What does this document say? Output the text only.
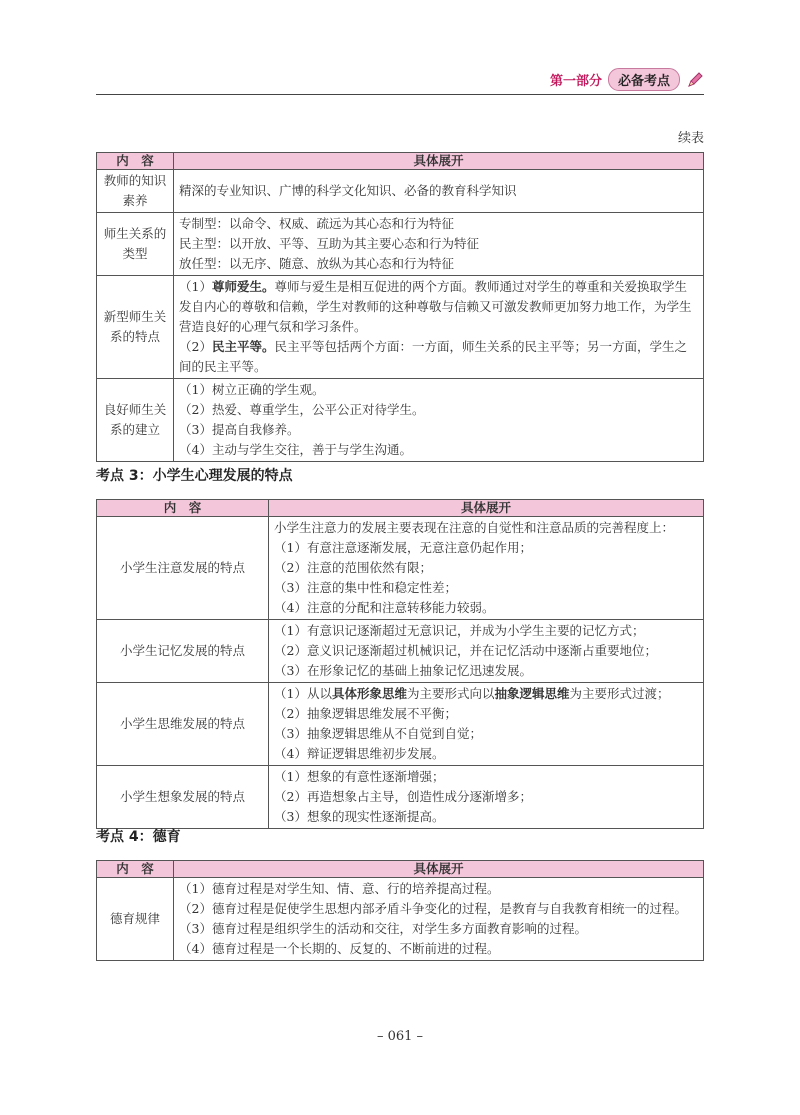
第一部分	必备考点
续表
内　容	具体展开
教师的知识素养	精深的专业知识、广博的科学文化知识、必备的教育科学知识

师生关系的类型	专制型：以命令、权威、疏远为其心态和行为特征
民主型：以开放、平等、互助为其主要心态和行为特征
放任型：以无序、随意、放纵为其心态和行为特征

新型师生关系的特点	（1）尊师爱生。尊师与爱生是相互促进的两个方面。教师通过对学生的尊重和关爱换取学生发自内心的尊敬和信赖，学生对教师的这种尊敬与信赖又可激发教师更加努力地工作，为学生营造良好的心理气氛和学习条件。
（2）民主平等。民主平等包括两个方面：一方面，师生关系的民主平等；另一方面，学生之间的民主平等。

良好师生关系的建立	（1）树立正确的学生观。
（2）热爱、尊重学生，公平公正对待学生。
（3）提高自我修养。
（4）主动与学生交往，善于与学生沟通。
考点 3：小学生心理发展的特点
内　容	具体展开
小学生注意发展的特点	小学生注意力的发展主要表现在注意的自觉性和注意品质的完善程度上：
（1）有意注意逐渐发展，无意注意仍起作用；
（2）注意的范围依然有限；
（3）注意的集中性和稳定性差；
（4）注意的分配和注意转移能力较弱。

小学生记忆发展的特点	（1）有意识记逐渐超过无意识记，并成为小学生主要的记忆方式；
（2）意义识记逐渐超过机械识记，并在记忆活动中逐渐占重要地位；
（3）在形象记忆的基础上抽象记忆迅速发展。

小学生思维发展的特点	（1）从以具体形象思维为主要形式向以抽象逻辑思维为主要形式过渡；
（2）抽象逻辑思维发展不平衡；
（3）抽象逻辑思维从不自觉到自觉；
（4）辩证逻辑思维初步发展。

小学生想象发展的特点	（1）想象的有意性逐渐增强；
（2）再造想象占主导，创造性成分逐渐增多；
（3）想象的现实性逐渐提高。
考点 4：德育
内　容	具体展开
德育规律	（1）德育过程是对学生知、情、意、行的培养提高过程。
（2）德育过程是促使学生思想内部矛盾斗争变化的过程，是教育与自我教育相统一的过程。
（3）德育过程是组织学生的活动和交往，对学生多方面教育影响的过程。
（4）德育过程是一个长期的、反复的、不断前进的过程。
– 061 –
